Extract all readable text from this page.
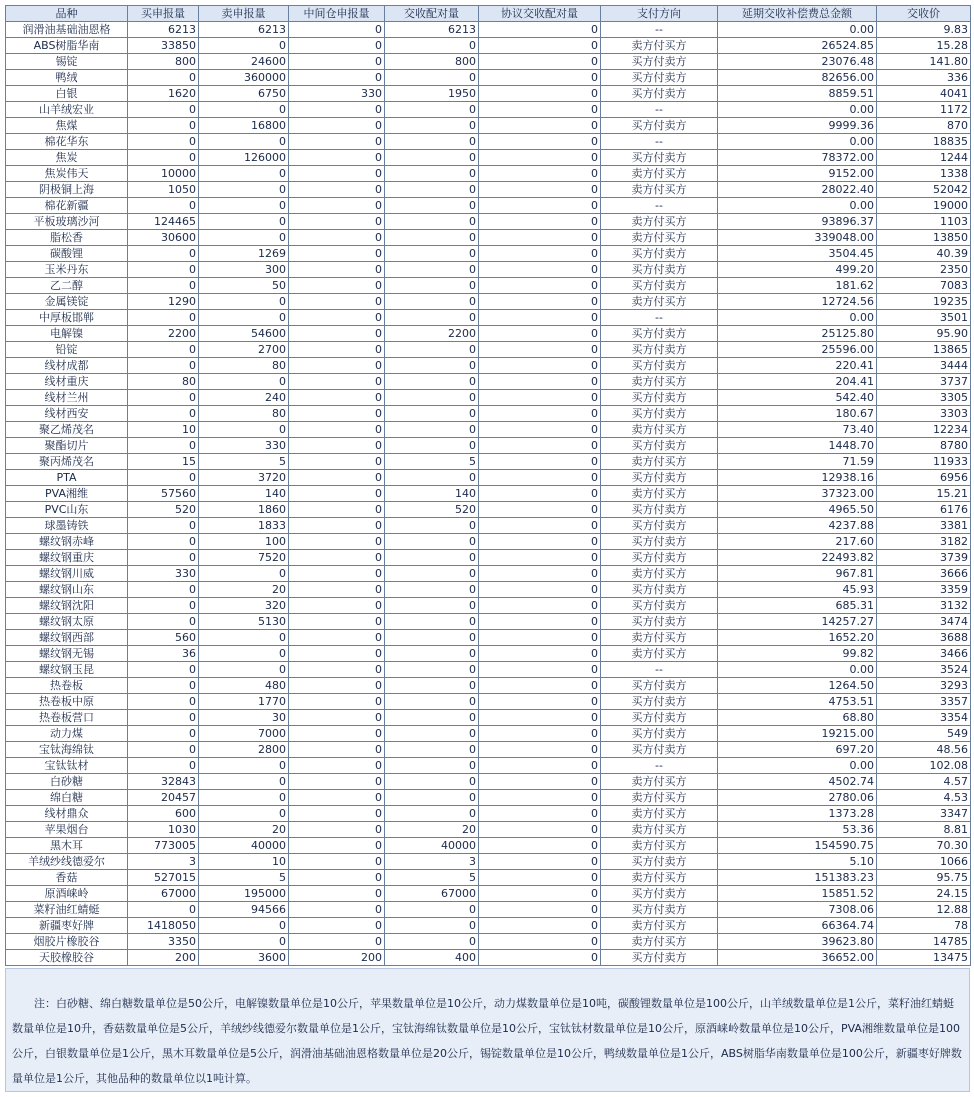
品种	买申报量	卖申报量	中间仓申报量	交收配对量	协议交收配对量	支付方向	延期交收补偿费总金额	交收价
润滑油基础油恩格	6213	6213	0	6213	0	--	0.00	9.83
ABS树脂华南	33850	0	0	0	0	卖方付买方	26524.85	15.28
锡锭	800	24600	0	800	0	买方付卖方	23076.48	141.80
鸭绒	0	360000	0	0	0	买方付卖方	82656.00	336
白银	1620	6750	330	1950	0	买方付卖方	8859.51	4041
山羊绒宏业	0	0	0	0	0	--	0.00	1172
焦煤	0	16800	0	0	0	买方付卖方	9999.36	870
棉花华东	0	0	0	0	0	--	0.00	18835
焦炭	0	126000	0	0	0	买方付卖方	78372.00	1244
焦炭伟天	10000	0	0	0	0	卖方付买方	9152.00	1338
阴极铜上海	1050	0	0	0	0	卖方付买方	28022.40	52042
棉花新疆	0	0	0	0	0	--	0.00	19000
平板玻璃沙河	124465	0	0	0	0	卖方付买方	93896.37	1103
脂松香	30600	0	0	0	0	卖方付买方	339048.00	13850
碳酸锂	0	1269	0	0	0	买方付卖方	3504.45	40.39
玉米丹东	0	300	0	0	0	买方付卖方	499.20	2350
乙二醇	0	50	0	0	0	买方付卖方	181.62	7083
金属镁锭	1290	0	0	0	0	卖方付买方	12724.56	19235
中厚板邯郸	0	0	0	0	0	--	0.00	3501
电解镍	2200	54600	0	2200	0	买方付卖方	25125.80	95.90
铅锭	0	2700	0	0	0	买方付卖方	25596.00	13865
线材成都	0	80	0	0	0	买方付卖方	220.41	3444
线材重庆	80	0	0	0	0	卖方付买方	204.41	3737
线材兰州	0	240	0	0	0	买方付卖方	542.40	3305
线材西安	0	80	0	0	0	买方付卖方	180.67	3303
聚乙烯茂名	10	0	0	0	0	卖方付买方	73.40	12234
聚酯切片	0	330	0	0	0	买方付卖方	1448.70	8780
聚丙烯茂名	15	5	0	5	0	卖方付买方	71.59	11933
PTA	0	3720	0	0	0	买方付卖方	12938.16	6956
PVA湘维	57560	140	0	140	0	卖方付买方	37323.00	15.21
PVC山东	520	1860	0	520	0	买方付卖方	4965.50	6176
球墨铸铁	0	1833	0	0	0	买方付卖方	4237.88	3381
螺纹钢赤峰	0	100	0	0	0	买方付卖方	217.60	3182
螺纹钢重庆	0	7520	0	0	0	买方付卖方	22493.82	3739
螺纹钢川威	330	0	0	0	0	卖方付买方	967.81	3666
螺纹钢山东	0	20	0	0	0	买方付卖方	45.93	3359
螺纹钢沈阳	0	320	0	0	0	买方付卖方	685.31	3132
螺纹钢太原	0	5130	0	0	0	买方付卖方	14257.27	3474
螺纹钢西部	560	0	0	0	0	卖方付买方	1652.20	3688
螺纹钢无锡	36	0	0	0	0	卖方付买方	99.82	3466
螺纹钢玉昆	0	0	0	0	0	--	0.00	3524
热卷板	0	480	0	0	0	买方付卖方	1264.50	3293
热卷板中原	0	1770	0	0	0	买方付卖方	4753.51	3357
热卷板营口	0	30	0	0	0	买方付卖方	68.80	3354
动力煤	0	7000	0	0	0	买方付卖方	19215.00	549
宝钛海绵钛	0	2800	0	0	0	买方付卖方	697.20	48.56
宝钛钛材	0	0	0	0	0	--	0.00	102.08
白砂糖	32843	0	0	0	0	卖方付买方	4502.74	4.57
绵白糖	20457	0	0	0	0	卖方付买方	2780.06	4.53
线材鼎众	600	0	0	0	0	卖方付买方	1373.28	3347
苹果烟台	1030	20	0	20	0	卖方付买方	53.36	8.81
黑木耳	773005	40000	0	40000	0	卖方付买方	154590.75	70.30
羊绒纱线德爱尔	3	10	0	3	0	买方付卖方	5.10	1066
香菇	527015	5	0	5	0	卖方付买方	151383.23	95.75
原酒崃岭	67000	195000	0	67000	0	买方付卖方	15851.52	24.15
菜籽油红蜻蜓	0	94566	0	0	0	买方付卖方	7308.06	12.88
新疆枣好牌	1418050	0	0	0	0	卖方付买方	66364.74	78
烟胶片橡胶谷	3350	0	0	0	0	卖方付买方	39623.80	14785
天胶橡胶谷	200	3600	200	400	0	买方付卖方	36652.00	13475
注：白砂糖、绵白糖数量单位是50公斤，电解镍数量单位是10公斤，苹果数量单位是10公斤，动力煤数量单位是10吨，碳酸锂数量单位是100公斤，山羊绒数量单位是1公斤，菜籽油红蜻蜓数量单位是10升，香菇数量单位是5公斤，羊绒纱线德爱尔数量单位是1公斤，宝钛海绵钛数量单位是10公斤，宝钛钛材数量单位是10公斤，原酒崃岭数量单位是10公斤，PVA湘维数量单位是100公斤，白银数量单位是1公斤，黑木耳数量单位是5公斤，润滑油基础油恩格数量单位是20公斤，锡锭数量单位是10公斤，鸭绒数量单位是1公斤，ABS树脂华南数量单位是100公斤，新疆枣好牌数量单位是1公斤，其他品种的数量单位以1吨计算。
